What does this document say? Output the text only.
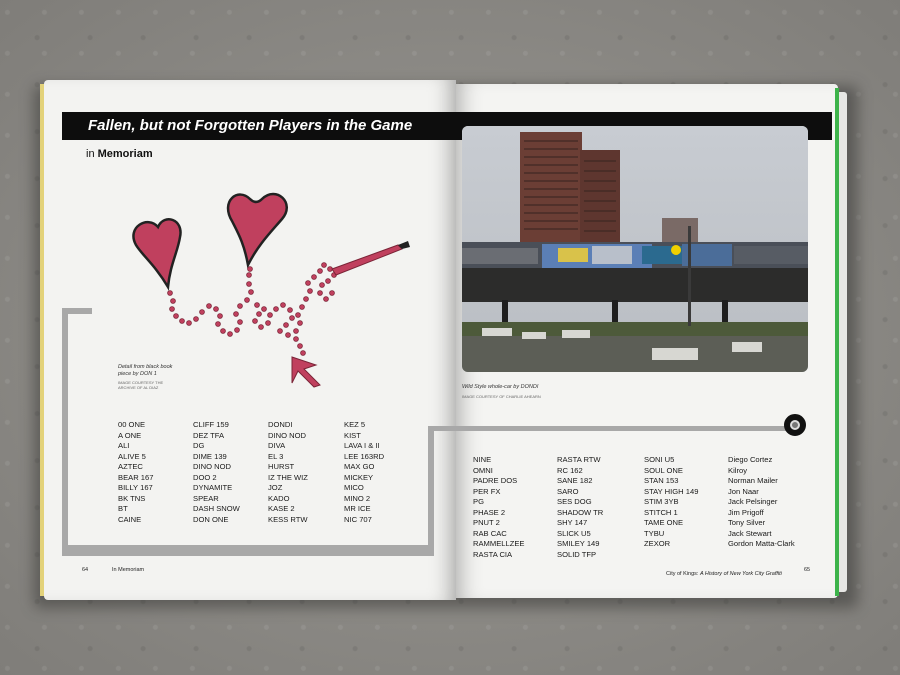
Fallen, but not Forgotten Players in the Game
in Memoriam
Detail from black book
piece by DON 1
IMAGE COURTESY THE
ARCHIVE OF AL DIAZ	Wild Style whole-car by DONDI
IMAGE COURTESY OF CHARLIE AHEARN
00 ONE
A ONE
ALI
ALIVE 5
AZTEC
BEAR 167
BILLY 167
BK TNS
BT
CAINE
CLIFF 159
DEZ TFA
DG
DIME 139
DINO NOD
DOO 2
DYNAMITE
SPEAR
DASH SNOW
DON ONE
DONDI
DINO NOD
DIVA
EL 3
HURST
IZ THE WIZ
JOZ
KADO
KASE 2
KESS RTW
KEZ 5
KIST
LAVA I & II
LEE 163RD
MAX GO
MICKEY
MICO
MINO 2
MR ICE
NIC 707
NINE
OMNI
PADRE DOS
PER FX
PG
PHASE 2
PNUT 2
RAB CAC
RAMMELLZEE
RASTA CIA
RASTA RTW
RC 162
SANE 182
SARO
SES DOG
SHADOW TR
SHY 147
SLICK U5
SMILEY 149
SOLID TFP
SONI U5
SOUL ONE
STAN 153
STAY HIGH 149
STIM 3YB
STITCH 1
TAME ONE
TYBU
ZEXOR
Diego Cortez
Kilroy
Norman Mailer
Jon Naar
Jack Pelsinger
Jim Prigoff
Tony Silver
Jack Stewart
Gordon Matta-Clark
64	In Memoriam
City of Kings: A History of New York City Graffiti
65
